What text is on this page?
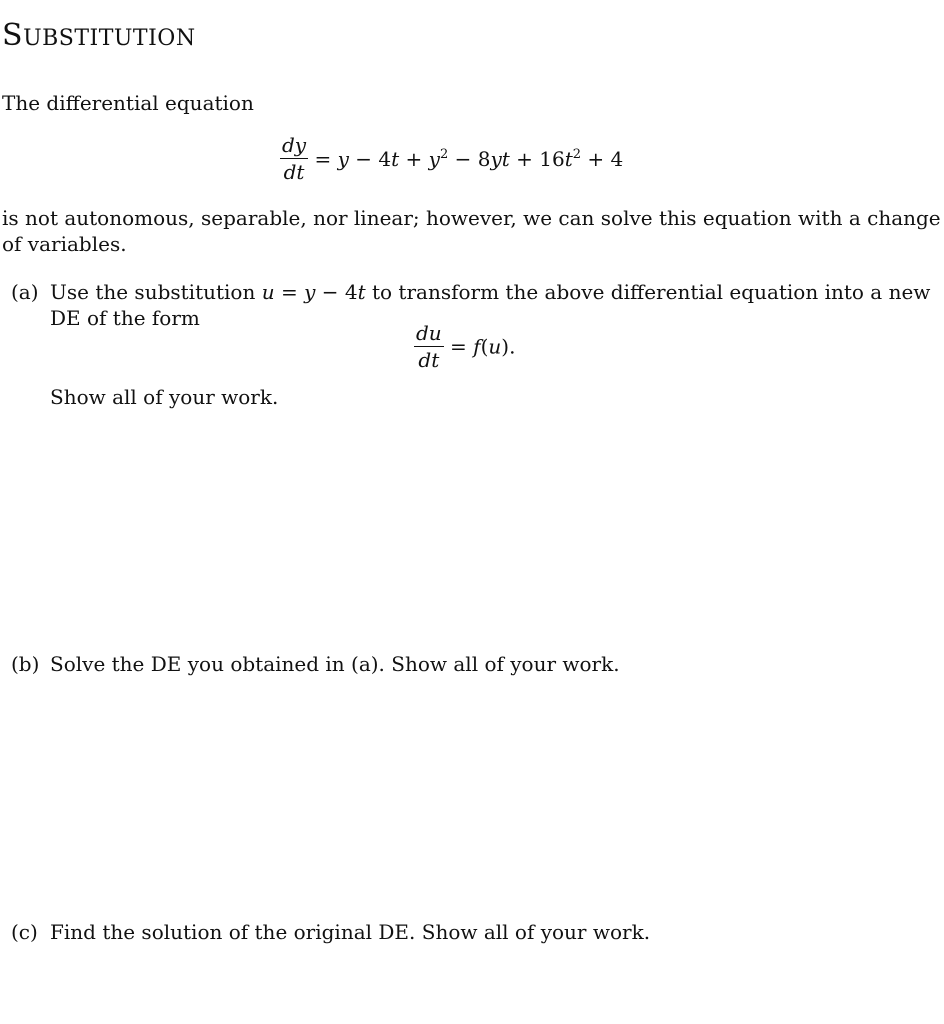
SUBSTITUTION
The differential equation
$\frac{dy}{dt} = y - 4t + y^2 - 8yt + 16t^2 + 4$
is not autonomous, separable, nor linear; however, we can solve this equation with a change
of variables.
(a) Use the substitution u = y − 4t to transform the above differential equation into a new
DE of the form
$\frac{du}{dt} = f(u)$.
Show all of your work.
(b) Solve the DE you obtained in (a). Show all of your work.
(c) Find the solution of the original DE. Show all of your work.
